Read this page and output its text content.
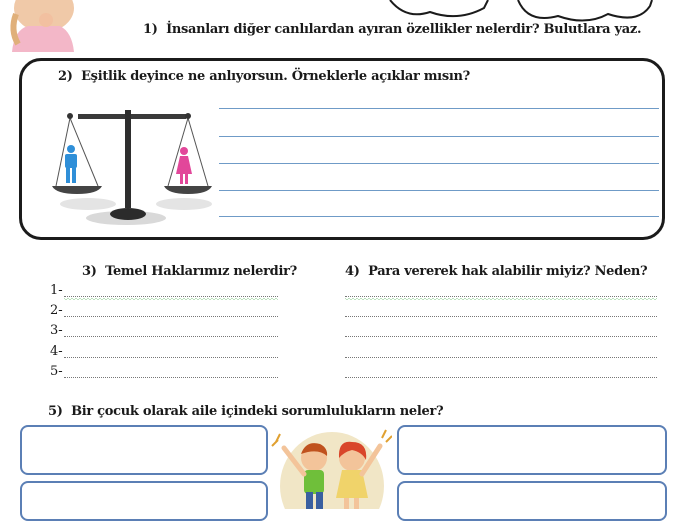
1) İnsanları diğer canlılardan ayıran özellikler nelerdir? Bulutlara yaz.
2) Eşitlik deyince ne anlıyorsun. Örneklerle açıklar mısın?
3) Temel Haklarımız nelerdir?	4) Para vererek hak alabilir miyiz? Neden?
1-
2-
3-
4-
5-
5) Bir çocuk olarak aile içindeki sorumlulukların neler?
